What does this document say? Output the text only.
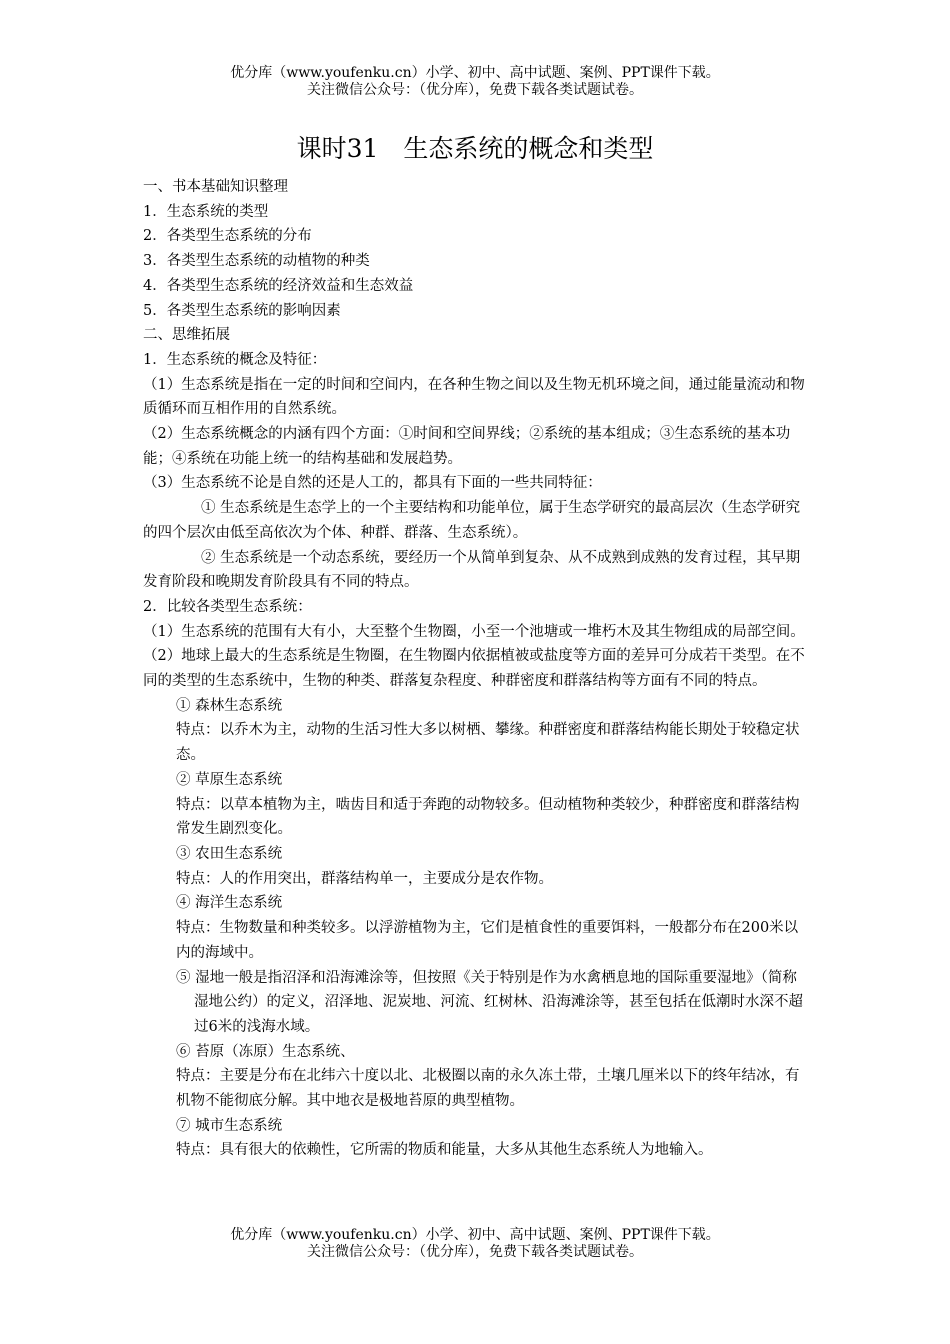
优分库（www.youfenku.cn）小学、初中、高中试题、案例、PPT课件下载。
关注微信公众号：（优分库），免费下载各类试题试卷。
课时31　生态系统的概念和类型

一、书本基础知识整理

1．生态系统的类型

2．各类型生态系统的分布

3．各类型生态系统的动植物的种类

4．各类型生态系统的经济效益和生态效益

5．各类型生态系统的影响因素

二、思维拓展

1．生态系统的概念及特征：

（1）生态系统是指在一定的时间和空间内，在各种生物之间以及生物无机环境之间，通过能量流动和物质循环而互相作用的自然系统。

（2）生态系统概念的内涵有四个方面：①时间和空间界线；②系统的基本组成；③生态系统的基本功能；④系统在功能上统一的结构基础和发展趋势。

（3）生态系统不论是自然的还是人工的，都具有下面的一些共同特征：

① 生态系统是生态学上的一个主要结构和功能单位，属于生态学研究的最高层次（生态学研究的四个层次由低至高依次为个体、种群、群落、生态系统）。

② 生态系统是一个动态系统，要经历一个从简单到复杂、从不成熟到成熟的发育过程，其早期发育阶段和晚期发育阶段具有不同的特点。

2．比较各类型生态系统：

（1）生态系统的范围有大有小，大至整个生物圈，小至一个池塘或一堆朽木及其生物组成的局部空间。

（2）地球上最大的生态系统是生物圈，在生物圈内依据植被或盐度等方面的差异可分成若干类型。在不同的类型的生态系统中，生物的种类、群落复杂程度、种群密度和群落结构等方面有不同的特点。

① 森林生态系统

特点：以乔木为主，动物的生活习性大多以树栖、攀缘。种群密度和群落结构能长期处于较稳定状态。

② 草原生态系统

特点：以草本植物为主，啮齿目和适于奔跑的动物较多。但动植物种类较少，种群密度和群落结构常发生剧烈变化。

③ 农田生态系统

特点：人的作用突出，群落结构单一，主要成分是农作物。

④ 海洋生态系统

特点：生物数量和种类较多。以浮游植物为主，它们是植食性的重要饵料，一般都分布在200米以内的海域中。

⑤ 湿地一般是指沼泽和沿海滩涂等，但按照《关于特别是作为水禽栖息地的国际重要湿地》（简称湿地公约）的定义，沼泽地、泥炭地、河流、红树林、沿海滩涂等，甚至包括在低潮时水深不超过6米的浅海水域。

⑥ 苔原（冻原）生态系统、

特点：主要是分布在北纬六十度以北、北极圈以南的永久冻土带，土壤几厘米以下的终年结冰，有机物不能彻底分解。其中地衣是极地苔原的典型植物。

⑦ 城市生态系统

特点：具有很大的依赖性，它所需的物质和能量，大多从其他生态系统人为地输入。

优分库（www.youfenku.cn）小学、初中、高中试题、案例、PPT课件下载。
关注微信公众号：（优分库），免费下载各类试题试卷。
